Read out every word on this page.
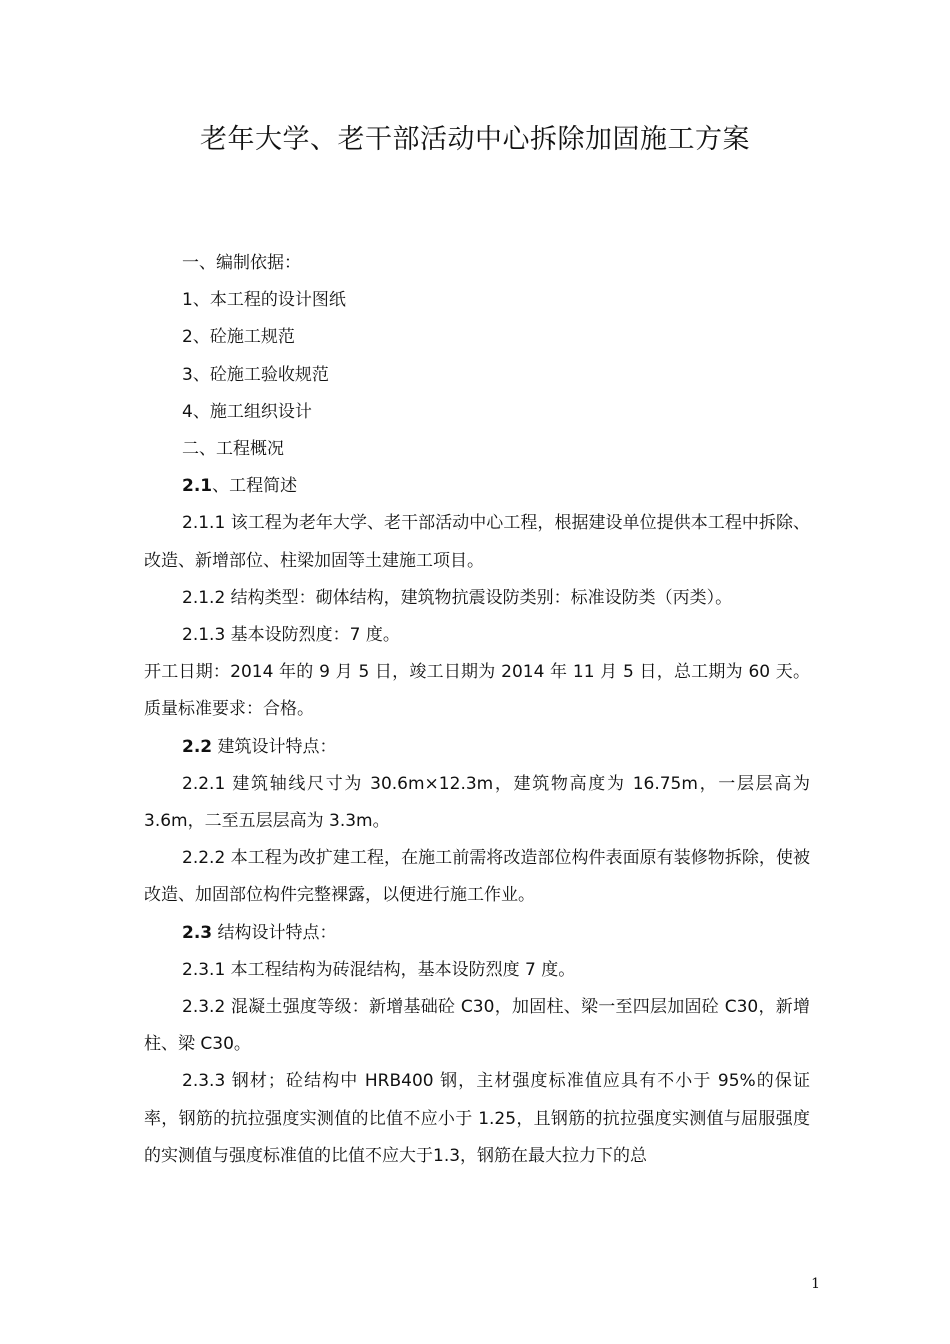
老年大学、老干部活动中心拆除加固施工方案

一、编制依据：

1、本工程的设计图纸

2、砼施工规范

3、砼施工验收规范

4、施工组织设计

二、工程概况

2.1、工程简述

2.1.1 该工程为老年大学、老干部活动中心工程，根据建设单位提供本工程中拆除、改造、新增部位、柱梁加固等土建施工项目。

2.1.2 结构类型：砌体结构，建筑物抗震设防类别：标准设防类（丙类）。

2.1.3 基本设防烈度：7 度。

开工日期：2014 年的 9 月 5 日，竣工日期为 2014 年 11 月 5 日，总工期为 60 天。质量标准要求：合格。

2.2 建筑设计特点：

2.2.1 建筑轴线尺寸为 30.6m×12.3m，建筑物高度为 16.75m，一层层高为 3.6m，二至五层层高为 3.3m。

2.2.2 本工程为改扩建工程，在施工前需将改造部位构件表面原有装修物拆除，使被改造、加固部位构件完整裸露，以便进行施工作业。

2.3 结构设计特点：

2.3.1 本工程结构为砖混结构，基本设防烈度 7 度。

2.3.2 混凝土强度等级：新增基础砼 C30，加固柱、梁一至四层加固砼 C30，新增柱、梁 C30。

2.3.3 钢材；砼结构中 HRB400 钢，主材强度标准值应具有不小于 95%的保证率，钢筋的抗拉强度实测值的比值不应小于 1.25，且钢筋的抗拉强度实测值与屈服强度的实测值与强度标准值的比值不应大于1.3，钢筋在最大拉力下的总

1
